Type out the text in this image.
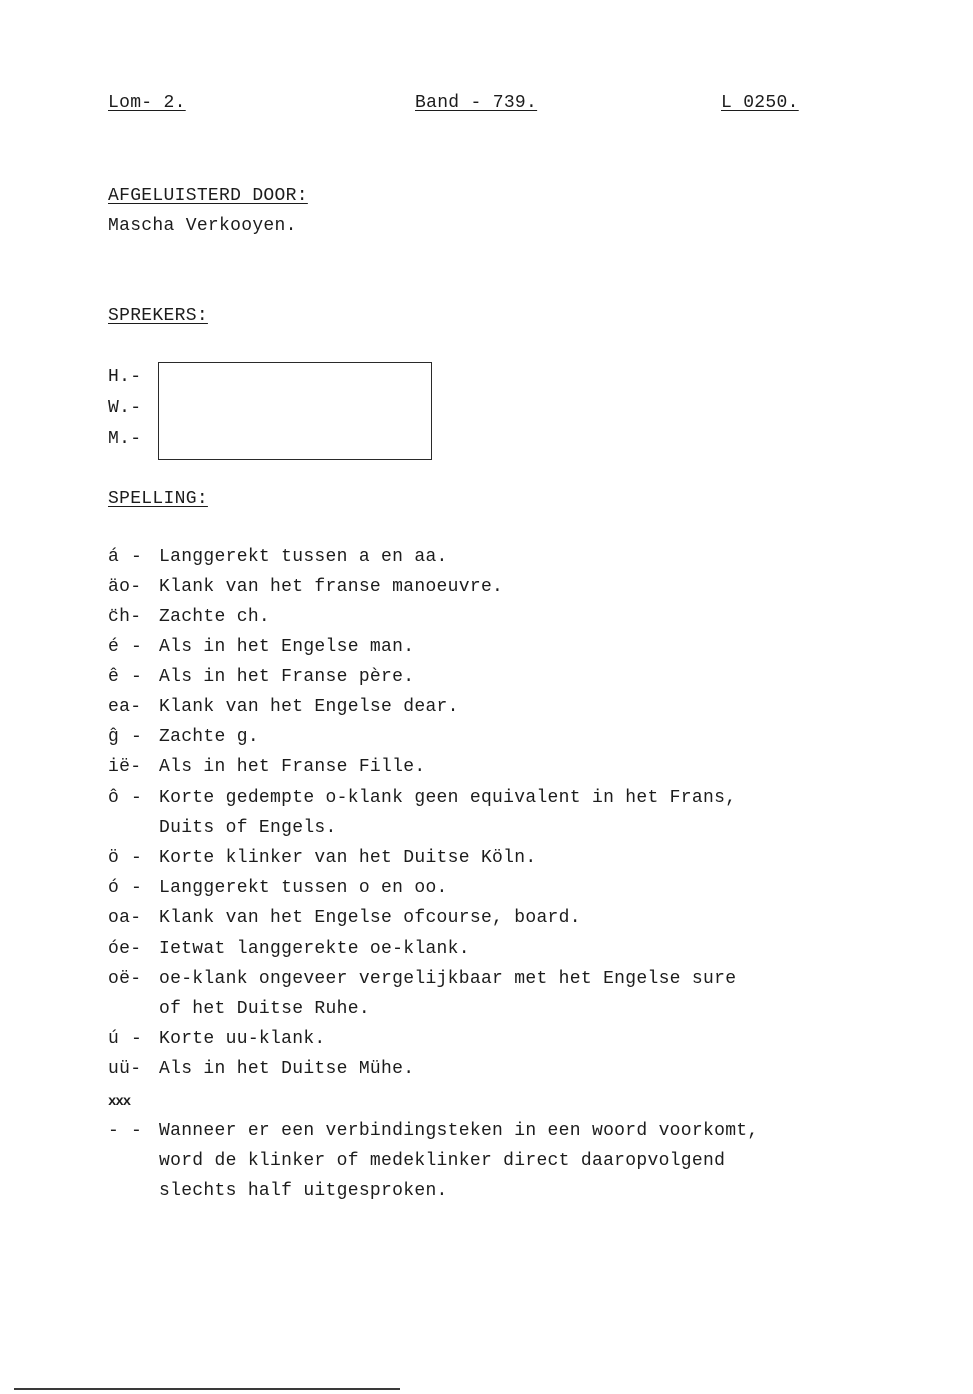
Lom- 2.	Band - 739.	L 0250.
AFGELUISTERD DOOR:
Mascha Verkooyen.
SPREKERS:
H.-
W.-
M.-
SPELLING:
á - Langgerekt tussen a en aa.
äo- Klank van het franse manoeuvre.
c̈h- Zachte ch.
é - Als in het Engelse man.
ê - Als in het Franse père.
ea- Klank van het Engelse dear.
ĝ - Zachte g.
ië- Als in het Franse Fille.
ô - Korte gedempte o-klank geen equivalent in het Frans,
Duits of Engels.
ö - Korte klinker van het Duitse Köln.
ó - Langgerekt tussen o en oo.
oa- Klank van het Engelse ofcourse, board.
óe- Ietwat langgerekte oe-klank.
oë- oe-klank ongeveer vergelijkbaar met het Engelse sure
of het Duitse Ruhe.
ú - Korte uu-klank.
uü- Als in het Duitse Mühe.
xxx
- - Wanneer er een verbindingsteken in een woord voorkomt,
word de klinker of medeklinker direct daaropvolgend
slechts half uitgesproken.
